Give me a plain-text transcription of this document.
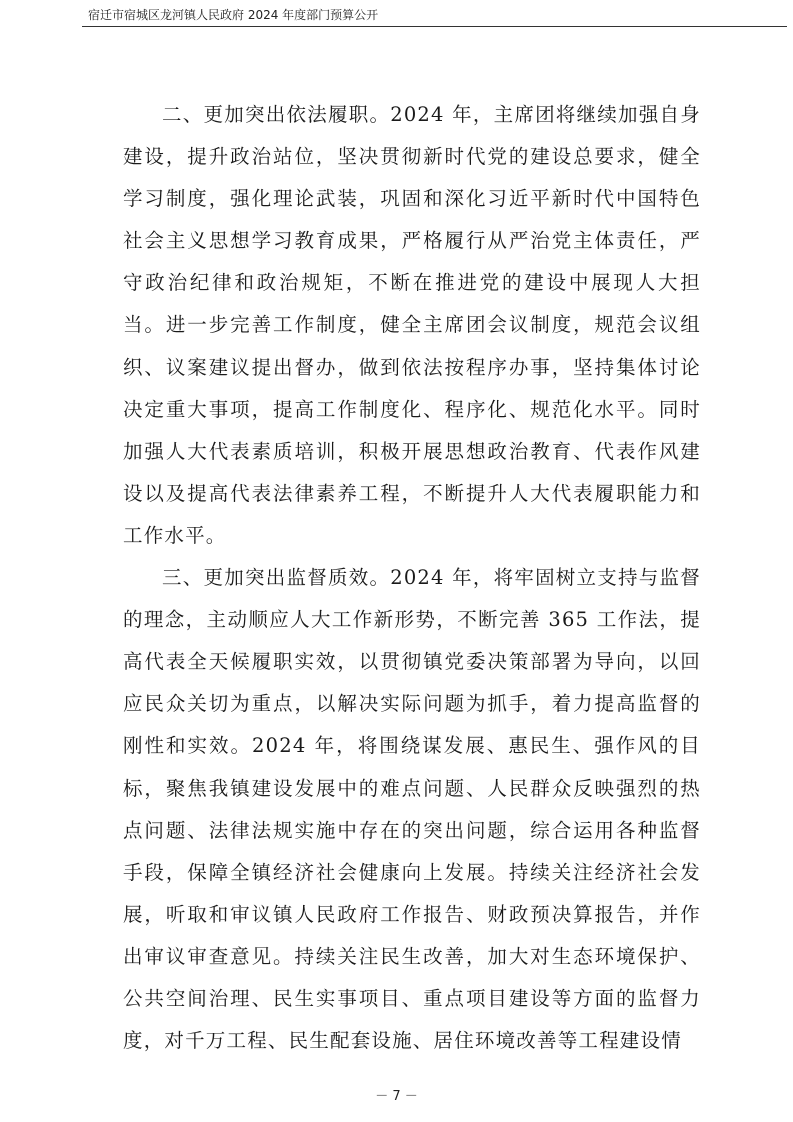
宿迁市宿城区龙河镇人民政府 2024 年度部门预算公开

二、更加突出依法履职。2024 年，主席团将继续加强自身建设，提升政治站位，坚决贯彻新时代党的建设总要求，健全学习制度，强化理论武装，巩固和深化习近平新时代中国特色社会主义思想学习教育成果，严格履行从严治党主体责任，严守政治纪律和政治规矩，不断在推进党的建设中展现人大担当。进一步完善工作制度，健全主席团会议制度，规范会议组织、议案建议提出督办，做到依法按程序办事，坚持集体讨论决定重大事项，提高工作制度化、程序化、规范化水平。同时加强人大代表素质培训，积极开展思想政治教育、代表作风建设以及提高代表法律素养工程，不断提升人大代表履职能力和工作水平。

三、更加突出监督质效。2024 年，将牢固树立支持与监督的理念，主动顺应人大工作新形势，不断完善 365 工作法，提高代表全天候履职实效，以贯彻镇党委决策部署为导向，以回应民众关切为重点，以解决实际问题为抓手，着力提高监督的刚性和实效。2024 年，将围绕谋发展、惠民生、强作风的目标，聚焦我镇建设发展中的难点问题、人民群众反映强烈的热点问题、法律法规实施中存在的突出问题，综合运用各种监督手段，保障全镇经济社会健康向上发展。持续关注经济社会发展，听取和审议镇人民政府工作报告、财政预决算报告，并作出审议审查意见。持续关注民生改善，加大对生态环境保护、公共空间治理、民生实事项目、重点项目建设等方面的监督力度，对千万工程、民生配套设施、居住环境改善等工程建设情

－ 7 －
